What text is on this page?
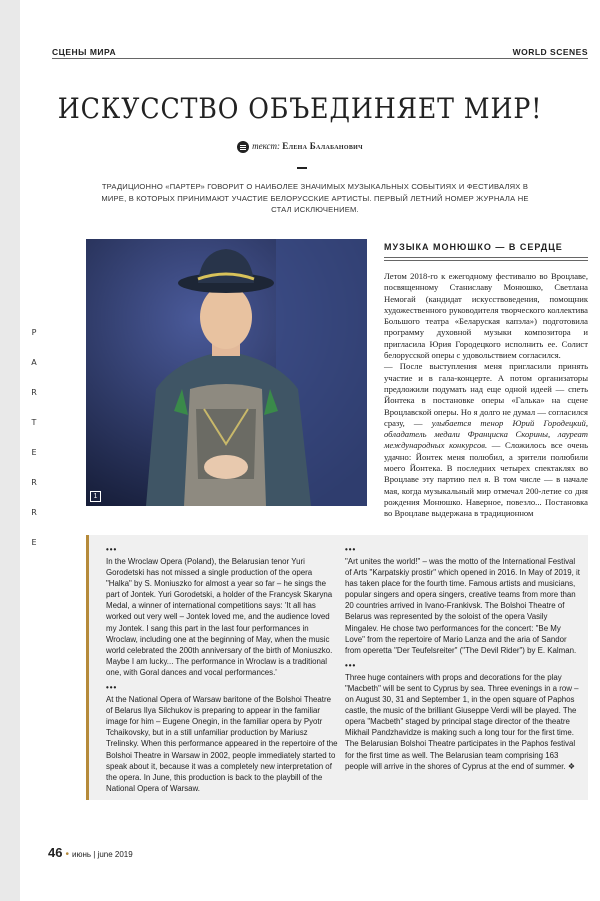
P
A
R
T
E
R
R
E
СЦЕНЫ МИРА	WORLD SCENES
ИСКУССТВО ОБЪЕДИНЯЕТ МИР!
текст: Елена Балабанович
ТРАДИЦИОННО «ПАРТЕР» ГОВОРИТ О НАИБОЛЕЕ ЗНАЧИМЫХ МУЗЫКАЛЬНЫХ СОБЫТИЯХ И ФЕСТИВАЛЯХ В МИРЕ, В КОТОРЫХ ПРИНИМАЮТ УЧАСТИЕ БЕЛОРУССКИЕ АРТИСТЫ. ПЕРВЫЙ ЛЕТНИЙ НОМЕР ЖУРНАЛА НЕ СТАЛ ИСКЛЮЧЕНИЕМ.
1
МУЗЫКА МОНЮШКО — В СЕРДЦЕ

Летом 2018-го к ежегодному фестивалю во Вроцлаве, посвященному Станиславу Монюшко, Светлана Немогай (кандидат искусствоведения, помощник художественного руководителя творческого коллектива Большого театра «Беларуская капэла») подготовила программу духовной музыки композитора и пригласила Юрия Городецкого исполнить ее. Солист белорусской оперы с удовольствием согласился.

— После выступления меня пригласили принять участие и в гала-концерте. А потом организаторы предложили подумать над еще одной идеей — спеть Йонтека в постановке оперы «Галька» на сцене Вроцлавской оперы. Но я долго не думал — согласился сразу, — улыбается тенор Юрий Городецкий, обладатель медали Франциска Скорины, лауреат международных конкурсов. — Сложилось все очень удачно: Йонтек меня полюбил, а зрители полюбили моего Йонтека. В последних четырех спектаклях во Вроцлаве эту партию пел я. В том числе — в начале мая, когда музыкальный мир отмечал 200-летие со дня рождения Монюшко. Наверное, повезло... Постановка во Вроцлаве выдержана в традиционном

•••

In the Wroclaw Opera (Poland), the Belarusian tenor Yuri Gorodetski has not missed a single production of the opera "Halka" by S. Moniuszko for almost a year so far – he sings the part of Jontek. Yuri Gorodetski, a holder of the Francysk Skaryna Medal, a winner of international competitions says: 'It all has worked out very well – Jontek loved me, and the audience loved my Jontek. I sang this part in the last four performances in Wroclaw, including one at the beginning of May, when the music world celebrated the 200th anniversary of the birth of Moniuszko. Maybe I am lucky... The performance in Wroclaw is a traditional one, with Goral dances and vocal performances.'

•••

At the National Opera of Warsaw baritone of the Bolshoi Theatre of Belarus Ilya Silchukov is preparing to appear in the familiar image for him – Eugene Onegin, in the familiar opera by Pyotr Tchaikovsky, but in a still unfamiliar production by Mariusz Trelinsky. When this performance appeared in the repertoire of the Bolshoi Theatre in Warsaw in 2002, people immediately started to speak about it, because it was a completely new interpretation of the opera. In June, this production is back to the playbill of the National Opera of Warsaw.

•••

"Art unites the world!" – was the motto of the International Festival of Arts "Karpatskiy prostir" which opened in 2016. In May of 2019, it has taken place for the fourth time. Famous artists and musicians, popular singers and opera singers, creative teams from more than 20 countries arrived in Ivano-Frankivsk. The Bolshoi Theatre of Belarus was represented by the soloist of the opera Vasily Mingalev. He chose two performances for the concert: "Be My Love" from the repertoire of Mario Lanza and the aria of Sandor from operetta "Der Teufelsreiter" ("The Devil Rider") by E. Kalman.

•••

Three huge containers with props and decorations for the play "Macbeth" will be sent to Cyprus by sea. Three evenings in a row – on August 30, 31 and September 1, in the open square of Paphos castle, the music of the brilliant Giuseppe Verdi will be played. The opera "Macbeth" staged by principal stage director of the theatre Mikhail Pandzhavidze is making such a long tour for the first time. The Belarusian Bolshoi Theatre participates in the Paphos festival for the first time as well. The Belarusian team comprising 163 people will arrive in the shores of Cyprus at the end of summer. ❖

46 • июнь | june 2019
